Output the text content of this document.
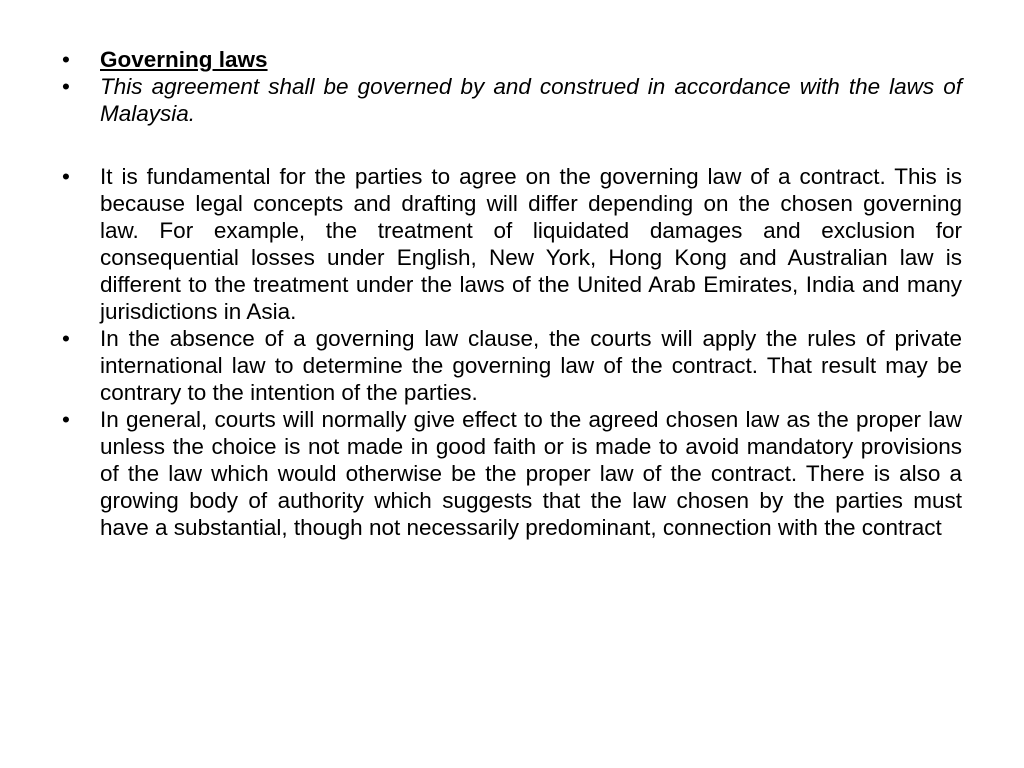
•	Governing laws
•	This agreement shall be governed by and construed in accordance with the laws of Malaysia.
•	It is fundamental for the parties to agree on the governing law of a contract. This is because legal concepts and drafting will differ depending on the chosen governing law. For example, the treatment of liquidated damages and exclusion for consequential losses under English, New York, Hong Kong and Australian law is different to the treatment under the laws of the United Arab Emirates, India and many jurisdictions in Asia.
•	In the absence of a governing law clause, the courts will apply the rules of private international law to determine the governing law of the contract. That result may be contrary to the intention of the parties.
•	In general, courts will normally give effect to the agreed chosen law as the proper law unless the choice is not made in good faith or is made to avoid mandatory provisions of the law which would otherwise be the proper law of the contract. There is also a growing body of authority which suggests that the law chosen by the parties must have a substantial, though not necessarily predominant, connection with the contract
